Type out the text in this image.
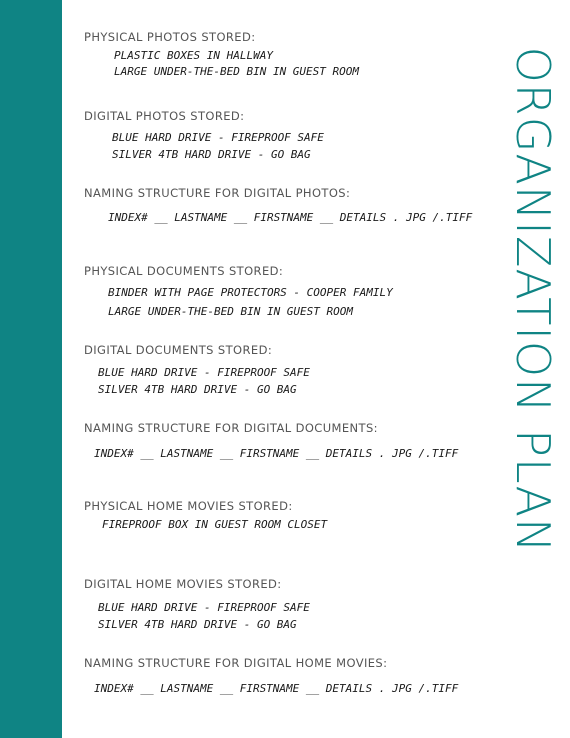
ORGANIZATION PLAN
PHYSICAL PHOTOS STORED:
PLASTIC BOXES IN HALLWAY
LARGE UNDER-THE-BED BIN IN GUEST ROOM
DIGITAL PHOTOS STORED:
BLUE HARD DRIVE - FIREPROOF SAFE
SILVER 4TB HARD DRIVE - GO BAG
NAMING STRUCTURE FOR DIGITAL PHOTOS:
INDEX# __ LASTNAME __ FIRSTNAME __ DETAILS . JPG /.TIFF
PHYSICAL DOCUMENTS STORED:
BINDER WITH PAGE PROTECTORS - COOPER FAMILY
LARGE UNDER-THE-BED BIN IN GUEST ROOM
DIGITAL DOCUMENTS STORED:
BLUE HARD DRIVE - FIREPROOF SAFE
SILVER 4TB HARD DRIVE - GO BAG
NAMING STRUCTURE FOR DIGITAL DOCUMENTS:
INDEX# __ LASTNAME __ FIRSTNAME __ DETAILS . JPG /.TIFF
PHYSICAL HOME MOVIES STORED:
FIREPROOF BOX IN GUEST ROOM CLOSET
DIGITAL HOME MOVIES STORED:
BLUE HARD DRIVE - FIREPROOF SAFE
SILVER 4TB HARD DRIVE - GO BAG
NAMING STRUCTURE FOR DIGITAL HOME MOVIES:
INDEX# __ LASTNAME __ FIRSTNAME __ DETAILS . JPG /.TIFF
